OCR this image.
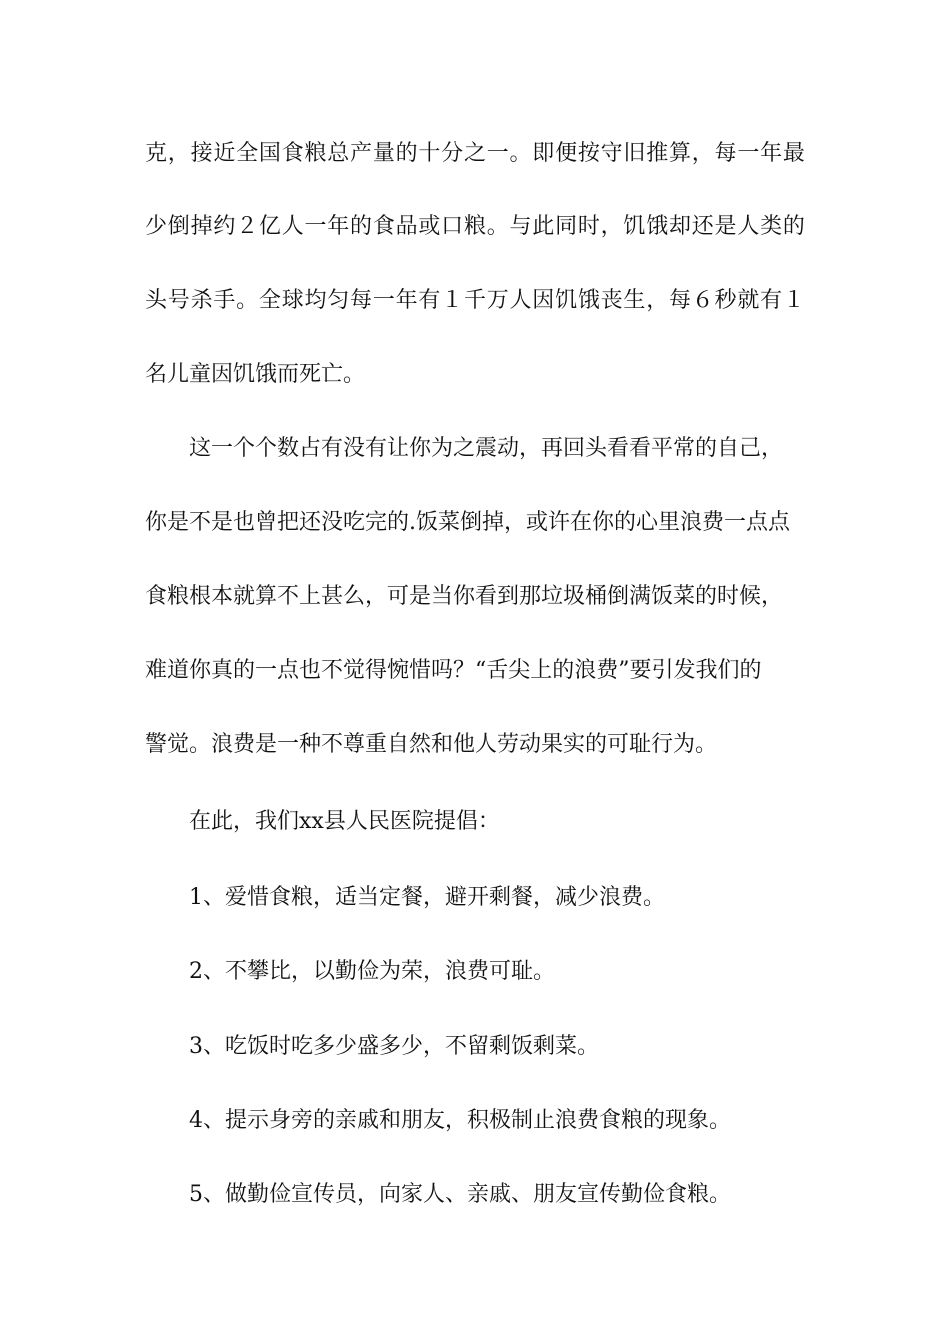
克 ， 接 近 全 国 食 粮 总 产 量 的 十 分 之 一 。 即 便 按 守 旧 推 算 ， 每 一 年 最
少 倒 掉 约 ２ 亿 人 一 年 的 食 品 或 口 粮 。 与 此 同 时 ， 饥 饿 却 还 是 人 类 的
头 号 杀 手 。 全 球 均 匀 每 一 年 有 １ 千 万 人 因 饥 饿 丧 生 ， 每 ６ 秒 就 有 １
名儿童因饥饿而死亡。
这一个个数占有没有让你为之震动，再回头看看平常的自己，
你是不是也曾把还没吃完的.饭菜倒掉，或许在你的心里浪费一点点
食粮根本就算不上甚么，可是当你看到那垃圾桶倒满饭菜的时候，
难道你真的一点也不觉得惋惜吗？“舌尖上的浪费”要引发我们的
警觉。浪费是一种不尊重自然和他人劳动果实的可耻行为。
在此，我们xx县人民医院提倡：
1、爱惜食粮，适当定餐，避开剩餐，减少浪费。
2、不攀比，以勤俭为荣，浪费可耻。
3、吃饭时吃多少盛多少，不留剩饭剩菜。
4、提示身旁的亲戚和朋友，积极制止浪费食粮的现象。
5、做勤俭宣传员，向家人、亲戚、朋友宣传勤俭食粮。
